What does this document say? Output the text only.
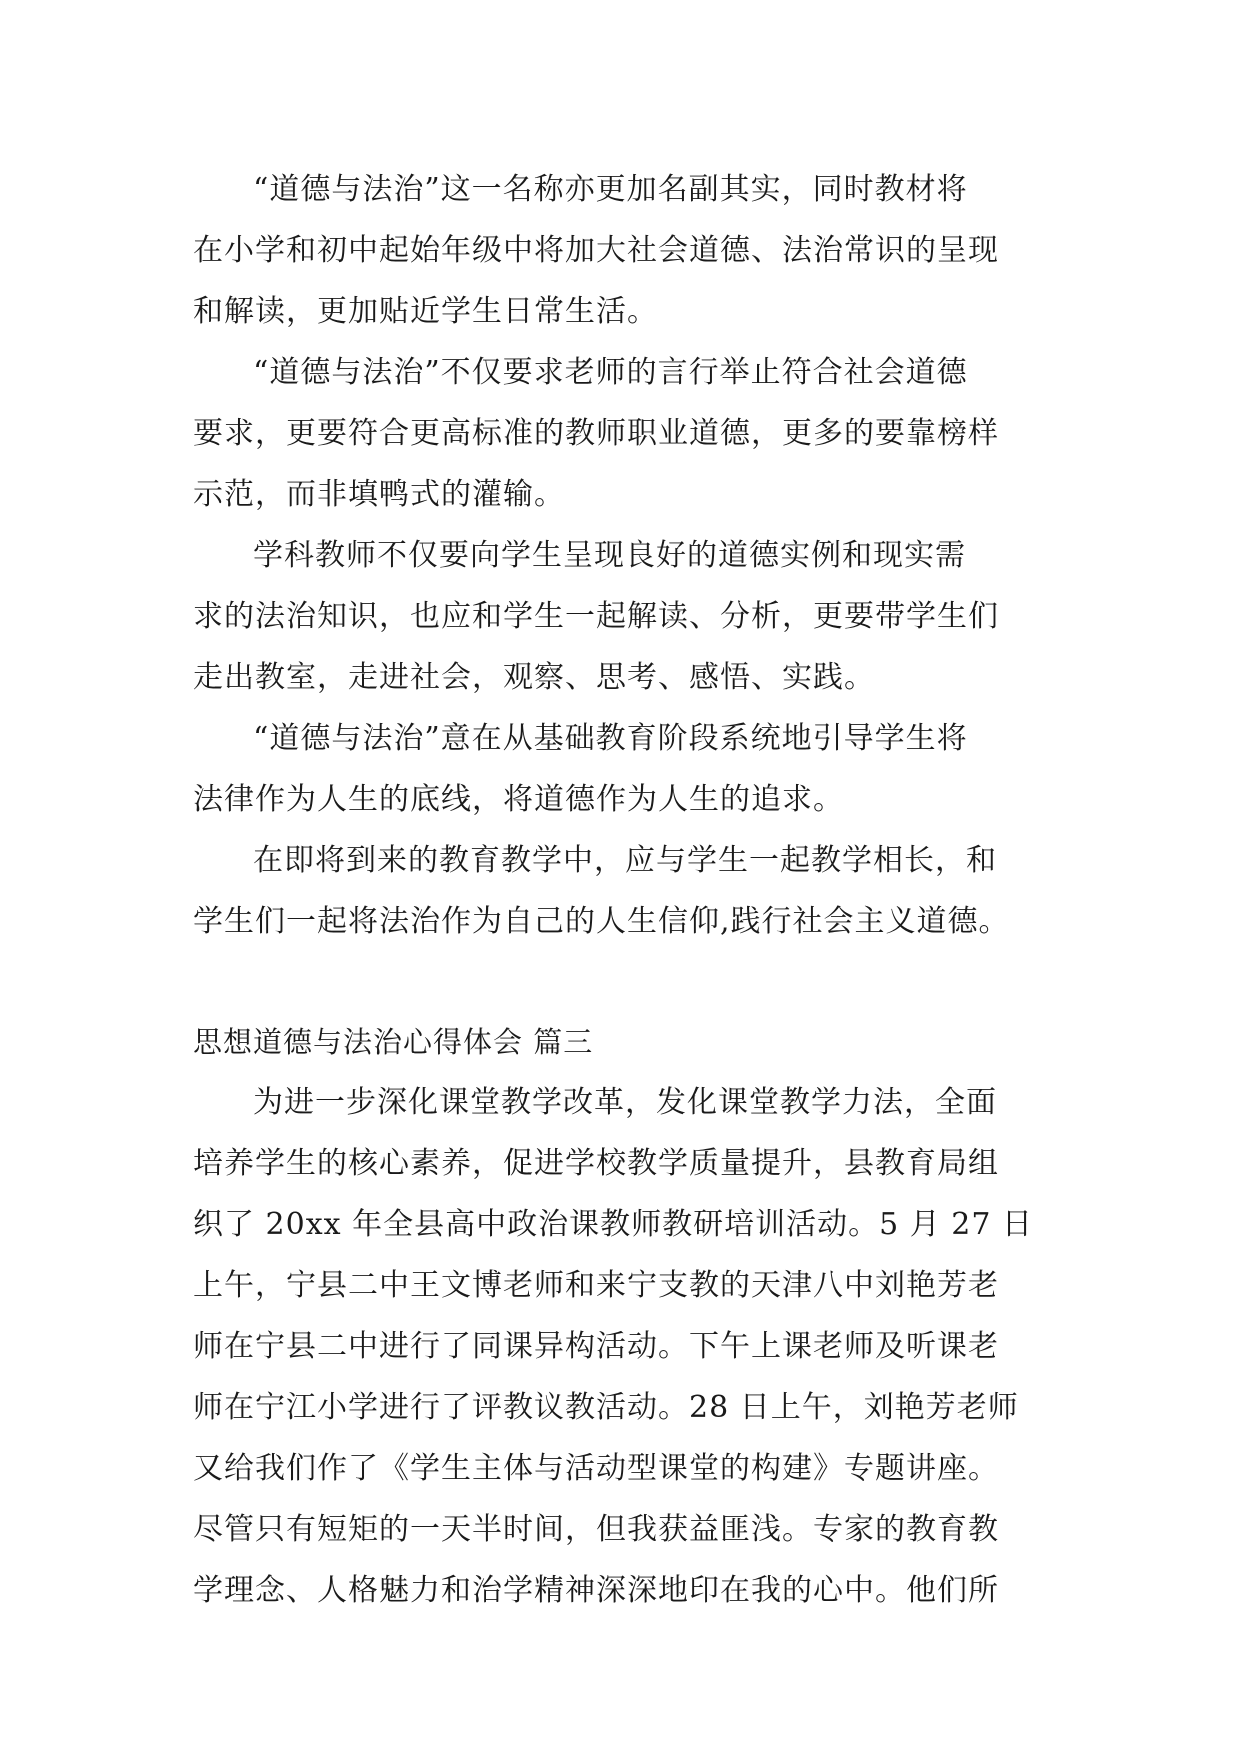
“道德与法治”这一名称亦更加名副其实，同时教材将
在小学和初中起始年级中将加大社会道德、法治常识的呈现
和解读，更加贴近学生日常生活。
“道德与法治”不仅要求老师的言行举止符合社会道德
要求，更要符合更高标准的教师职业道德，更多的要靠榜样
示范，而非填鸭式的灌输。
学科教师不仅要向学生呈现良好的道德实例和现实需
求的法治知识，也应和学生一起解读、分析，更要带学生们
走出教室，走进社会，观察、思考、感悟、实践。
“道德与法治”意在从基础教育阶段系统地引导学生将
法律作为人生的底线，将道德作为人生的追求。
在即将到来的教育教学中，应与学生一起教学相长，和
学生们一起将法治作为自己的人生信仰,践行社会主义道德。
思想道德与法治心得体会 篇三
为进一步深化课堂教学改革，发化课堂教学力法，全面
培养学生的核心素养，促进学校教学质量提升，县教育局组
织了 20xx 年全县高中政治课教师教研培训活动。5 月 27 日
上午，宁县二中王文博老师和来宁支教的天津八中刘艳芳老
师在宁县二中进行了同课异构活动。下午上课老师及听课老
师在宁江小学进行了评教议教活动。28 日上午，刘艳芳老师
又给我们作了《学生主体与活动型课堂的构建》专题讲座。
尽管只有短矩的一天半时间，但我获益匪浅。专家的教育教
学理念、人格魅力和治学精神深深地印在我的心中。他们所
